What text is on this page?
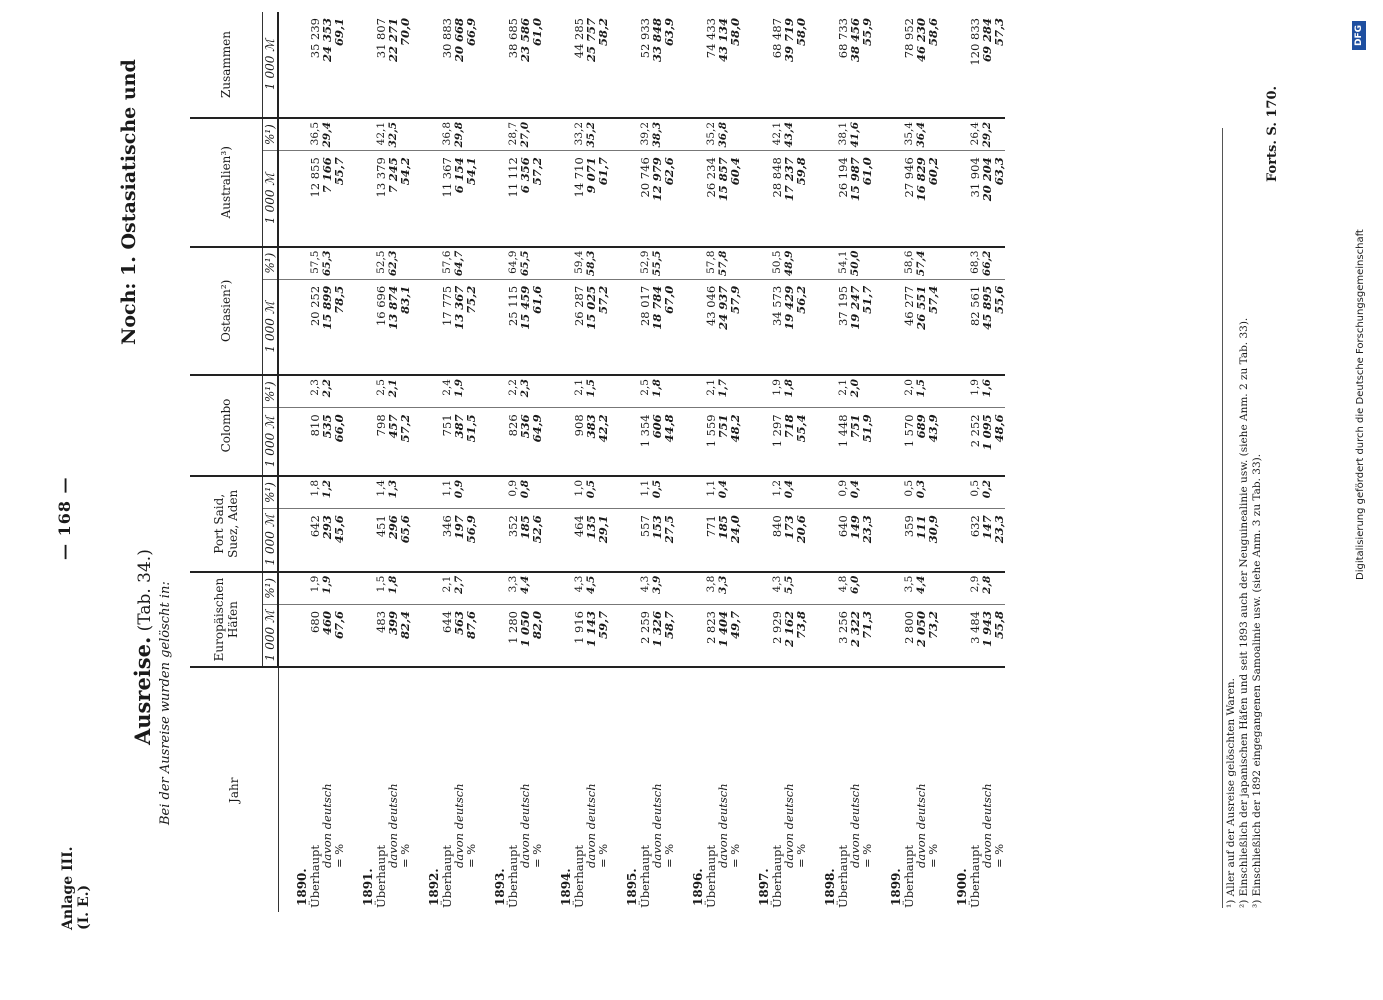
Anlage III. (I. E.)
— 168 —
Noch: 1. Ostasiatische und
Ausreise. (Tab. 34.) Bei der Ausreise wurden gelöscht in:	Jahr	Europäischen Häfen		Port Said, Suez, Aden		Colombo		Ostasien²)		Australien³)		Zusammen
	1 000 ℳ	%¹)	1 000 ℳ	%¹)	1 000 ℳ	%¹)	1 000 ℳ	%¹)	1 000 ℳ	%¹)	1 000 ℳ
1890.											
Überhaupt	680	1,9	642	1,8	810	2,3	20 252	57,5	12 855	36,5	35 239
davon deutsch	460	1,9	293	1,2	535	2,2	15 899	65,3	7 166	29,4	24 353
= %	67,6		45,6		66,0		78,5		55,7		69,1
1891.											
Überhaupt	483	1,5	451	1,4	798	2,5	16 696	52,5	13 379	42,1	31 807
davon deutsch	399	1,8	296	1,3	457	2,1	13 874	62,3	7 245	32,5	22 271
= %	82,4		65,6		57,2		83,1		54,2		70,0
1892.											
Überhaupt	644	2,1	346	1,1	751	2,4	17 775	57,6	11 367	36,8	30 883
davon deutsch	563	2,7	197	0,9	387	1,9	13 367	64,7	6 154	29,8	20 668
= %	87,6		56,9		51,5		75,2		54,1		66,9
1893.											
Überhaupt	1 280	3,3	352	0,9	826	2,2	25 115	64,9	11 112	28,7	38 685
davon deutsch	1 050	4,4	185	0,8	536	2,3	15 459	65,5	6 356	27,0	23 586
= %	82,0		52,6		64,9		61,6		57,2		61,0
1894.											
Überhaupt	1 916	4,3	464	1,0	908	2,1	26 287	59,4	14 710	33,2	44 285
davon deutsch	1 143	4,5	135	0,5	383	1,5	15 025	58,3	9 071	35,2	25 757
= %	59,7		29,1		42,2		57,2		61,7		58,2
1895.											
Überhaupt	2 259	4,3	557	1,1	1 354	2,5	28 017	52,9	20 746	39,2	52 933
davon deutsch	1 326	3,9	153	0,5	606	1,8	18 784	55,5	12 979	38,3	33 848
= %	58,7		27,5		44,8		67,0		62,6		63,9
1896.											
Überhaupt	2 823	3,8	771	1,1	1 559	2,1	43 046	57,8	26 234	35,2	74 433
davon deutsch	1 404	3,3	185	0,4	751	1,7	24 937	57,8	15 857	36,8	43 134
= %	49,7		24,0		48,2		57,9		60,4		58,0
1897.											
Überhaupt	2 929	4,3	840	1,2	1 297	1,9	34 573	50,5	28 848	42,1	68 487
davon deutsch	2 162	5,5	173	0,4	718	1,8	19 429	48,9	17 237	43,4	39 719
= %	73,8		20,6		55,4		56,2		59,8		58,0
1898.											
Überhaupt	3 256	4,8	640	0,9	1 448	2,1	37 195	54,1	26 194	38,1	68 733
davon deutsch	2 322	6,0	149	0,4	751	2,0	19 247	50,0	15 987	41,6	38 456
= %	71,3		23,3		51,9		51,7		61,0		55,9
1899.											
Überhaupt	2 800	3,5	359	0,5	1 570	2,0	46 277	58,6	27 946	35,4	78 952
davon deutsch	2 050	4,4	111	0,3	689	1,5	26 551	57,4	16 829	36,4	46 230
= %	73,2		30,9		43,9		57,4		60,2		58,6
1900.											
Überhaupt	3 484	2,9	632	0,5	2 252	1,9	82 561	68,3	31 904	26,4	120 833
davon deutsch	1 943	2,8	147	0,2	1 095	1,6	45 895	66,2	20 204	29,2	69 284
= %	55,8		23,3		48,6		55,6		63,3		57,3
¹) Aller auf der Ausreise gelöschten Waren. ²) Einschließlich der japanischen Häfen und seit 1893 auch der Neuguinealinie usw. (siehe Anm. 2 zu Tab. 33). ³) Einschließlich der 1892 eingegangenen Samoalinie usw. (siehe Anm. 3 zu Tab. 33).
Forts. S. 170.
Digitalisierung gefördert durch die Deutsche Forschungsgemeinschaft
DFG
